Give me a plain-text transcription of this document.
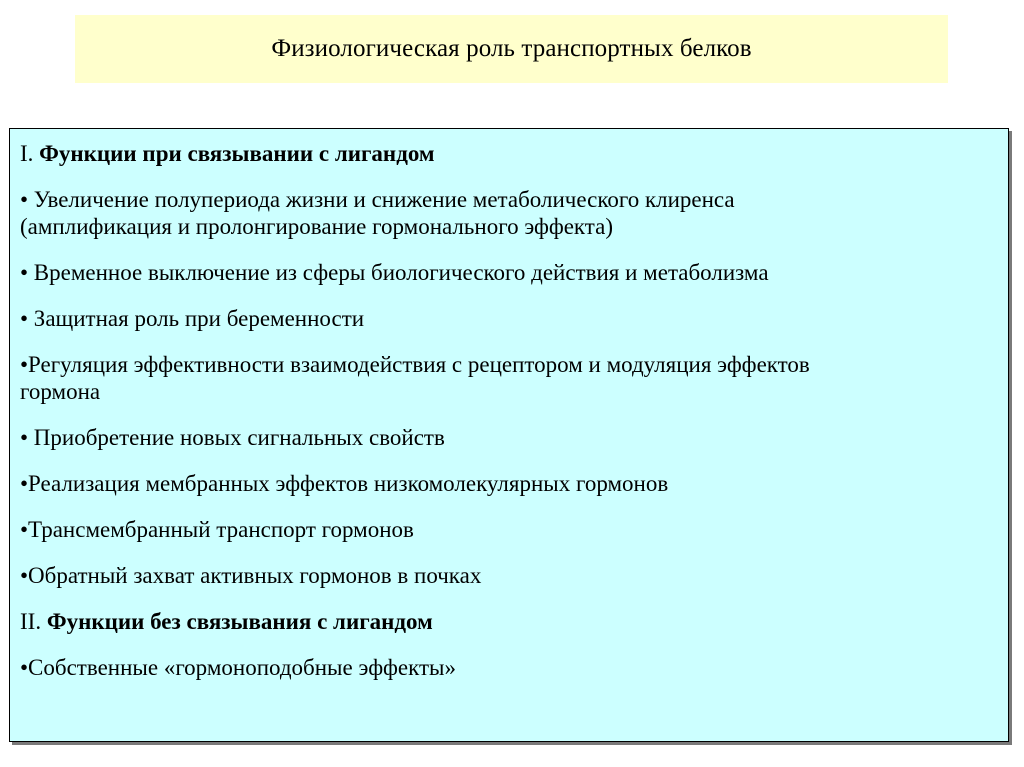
Физиологическая роль транспортных белков
I. Функции при связывании с лигандом
• Увеличение полупериода жизни и снижение метаболического клиренса
(амплификация и пролонгирование гормонального эффекта)
• Временное выключение из сферы биологического действия и метаболизма
• Защитная роль при беременности
•Регуляция эффективности взаимодействия с рецептором и модуляция эффектов
гормона
• Приобретение новых сигнальных свойств
•Реализация мембранных эффектов низкомолекулярных гормонов
•Трансмембранный транспорт гормонов
•Обратный захват активных гормонов в почках
II. Функции без связывания с лигандом
•Собственные «гормоноподобные эффекты»
